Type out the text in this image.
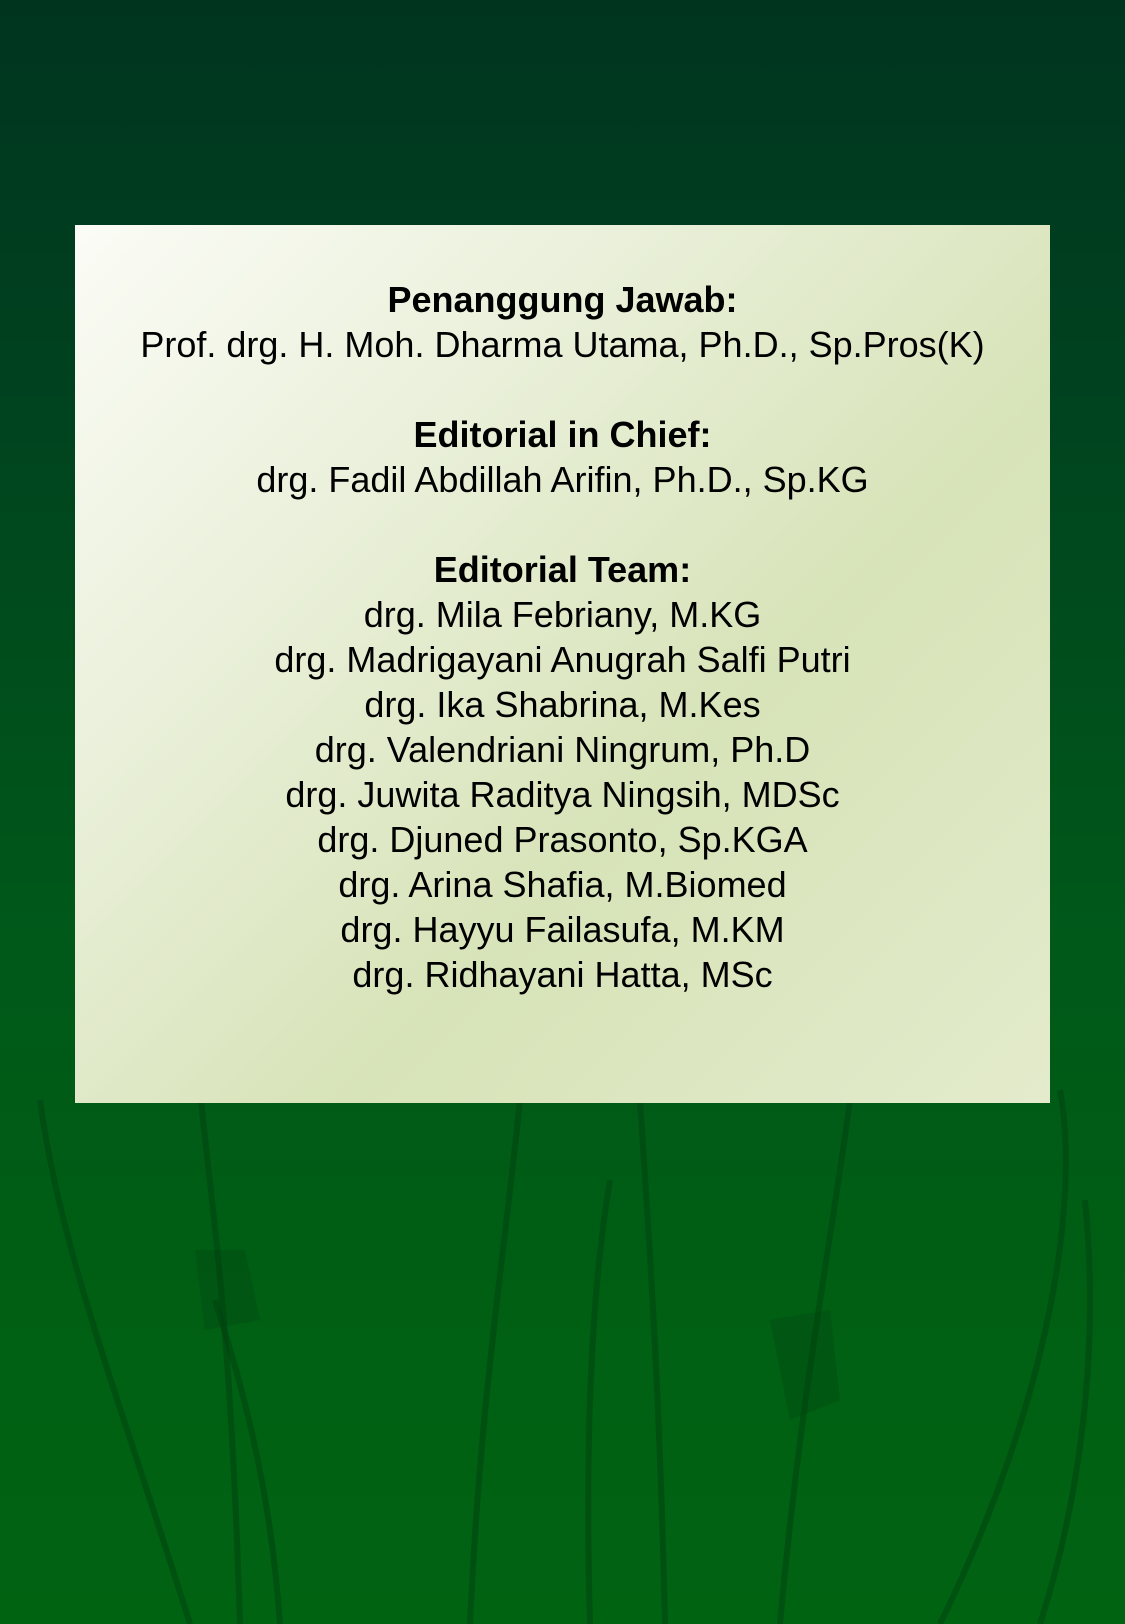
Penanggung Jawab:
Prof. drg. H. Moh. Dharma Utama, Ph.D., Sp.Pros(K)
Editorial in Chief:
drg. Fadil Abdillah Arifin, Ph.D., Sp.KG
Editorial Team:
drg. Mila Febriany, M.KG
drg. Madrigayani Anugrah Salfi Putri
drg. Ika Shabrina, M.Kes
drg. Valendriani Ningrum, Ph.D
drg. Juwita Raditya Ningsih, MDSc
drg. Djuned Prasonto, Sp.KGA
drg. Arina Shafia, M.Biomed
drg. Hayyu Failasufa, M.KM
drg. Ridhayani Hatta, MSc
